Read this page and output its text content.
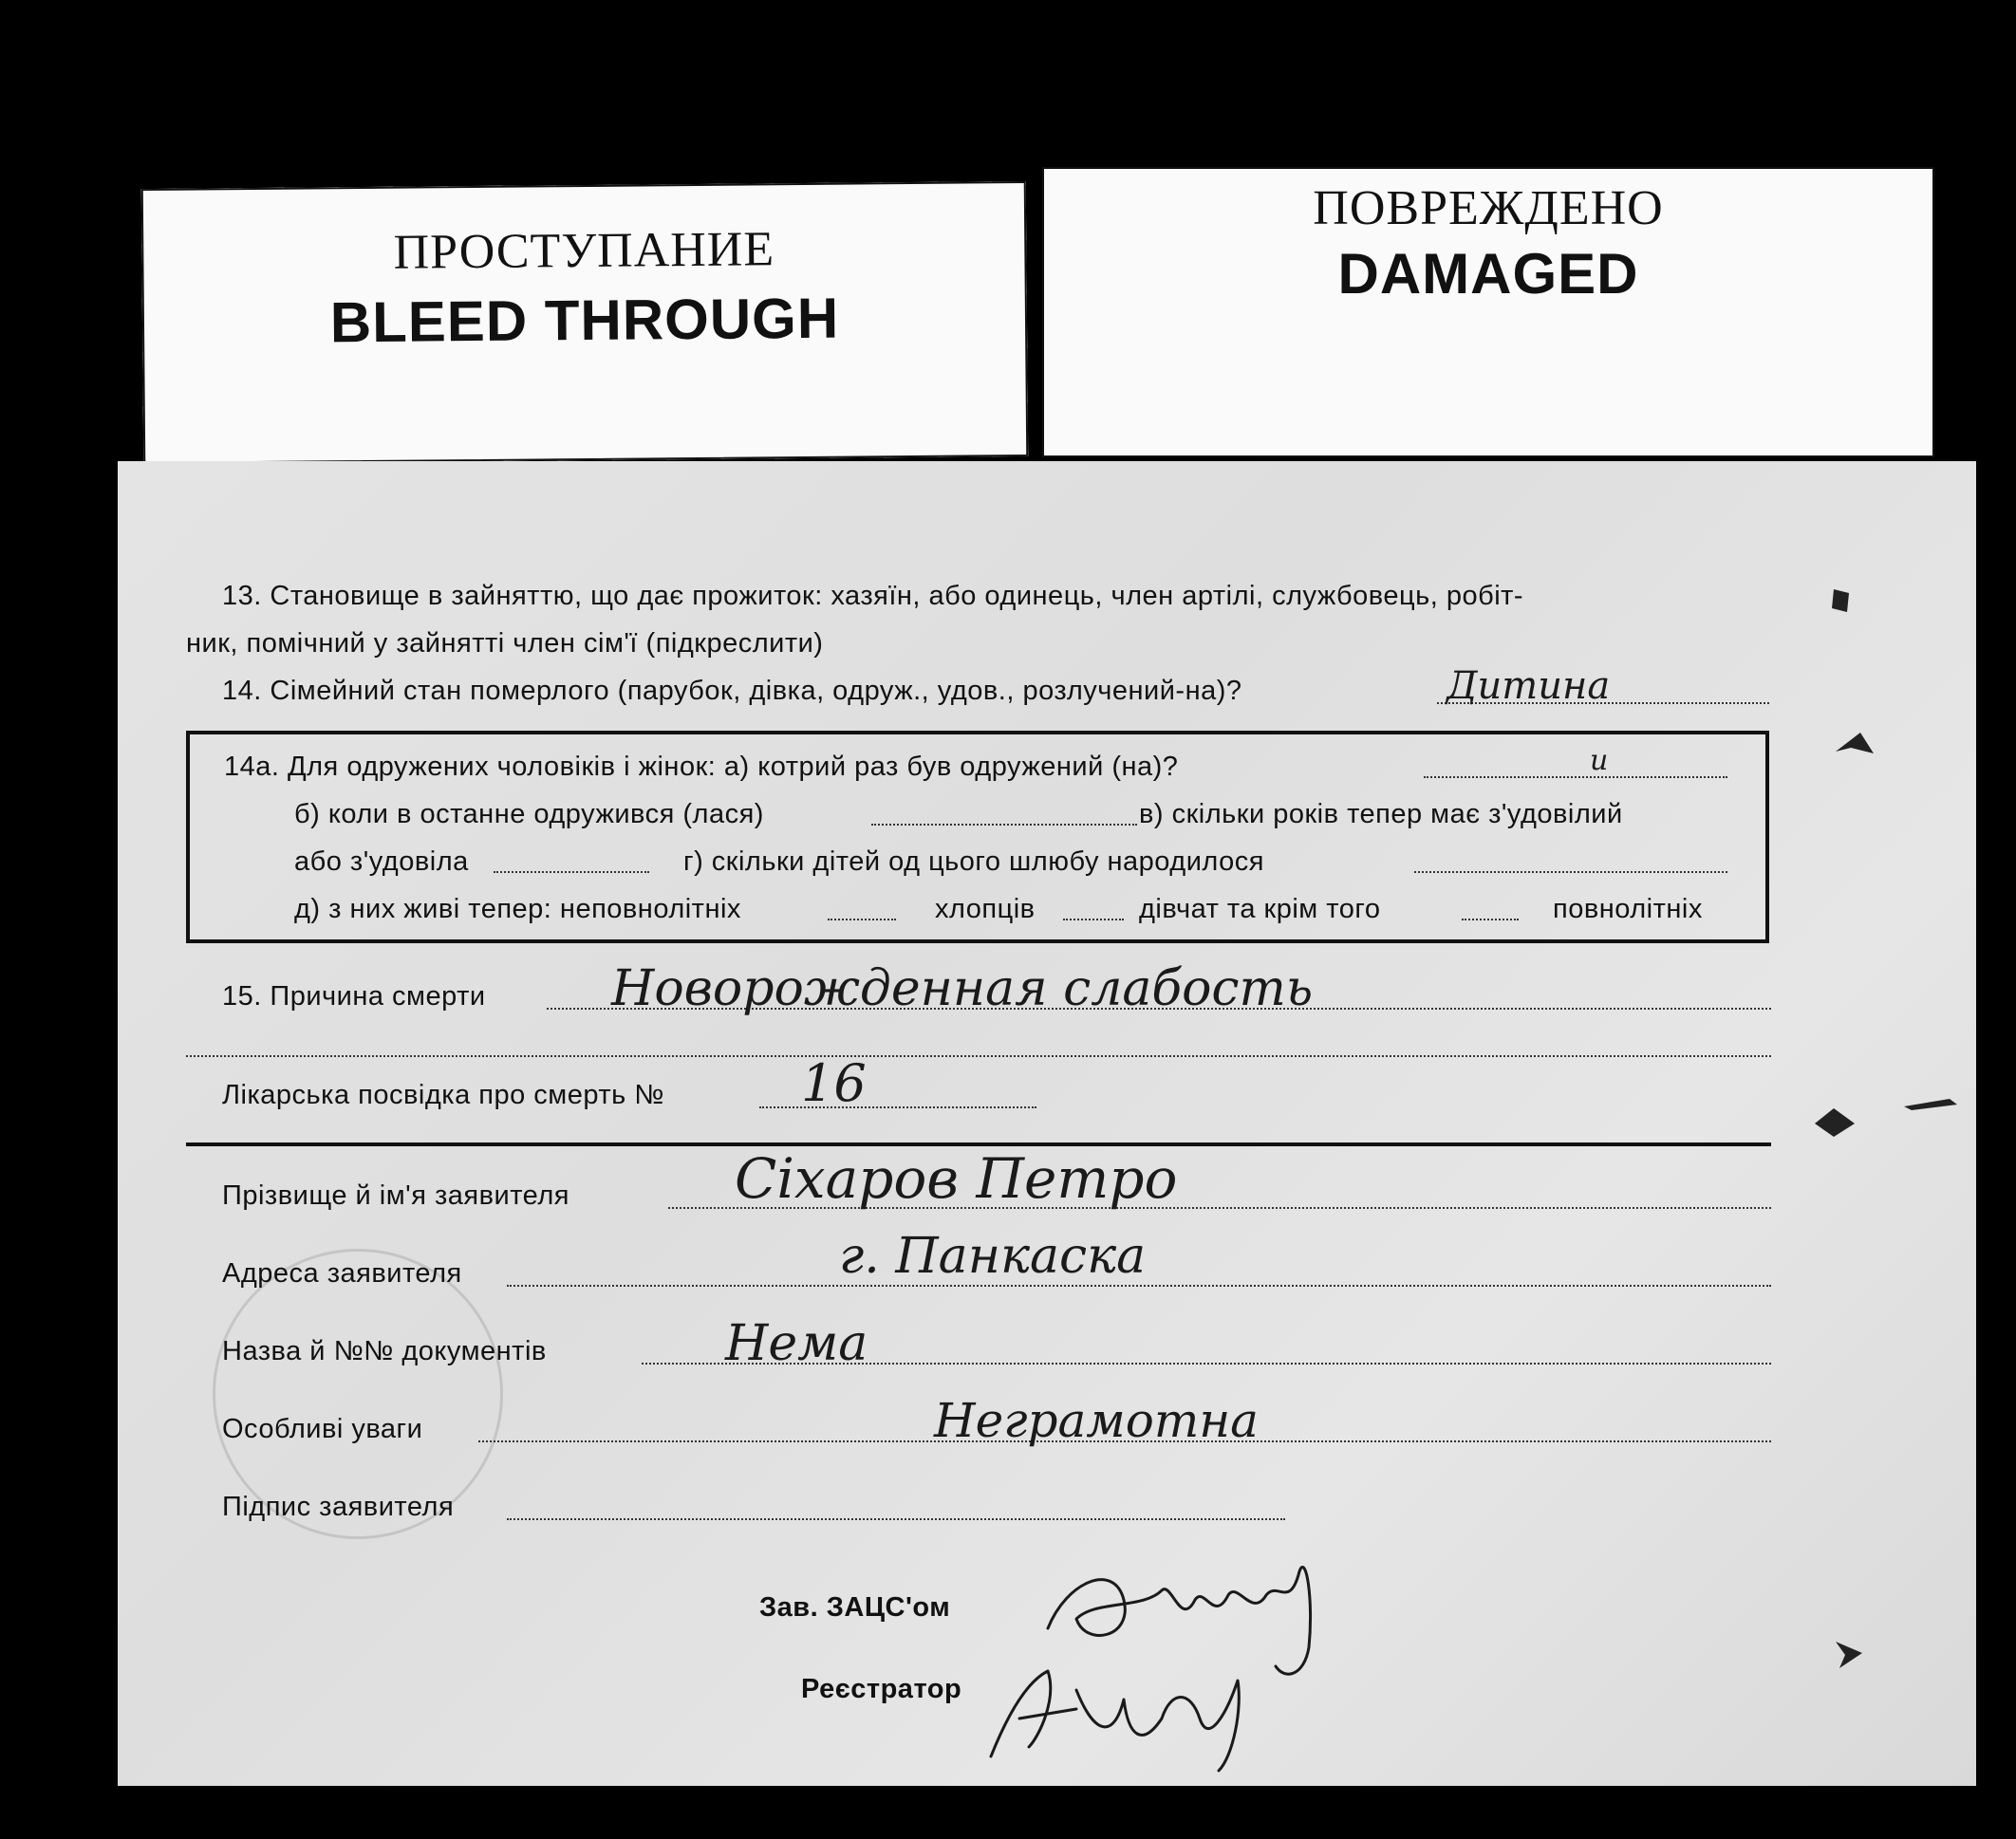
ПРОСТУПАНИЕ
BLEED THROUGH
ПОВРЕЖДЕНО
DAMAGED
13. Становище в зайняттю, що дає прожиток: хазяїн, або одинець, член артілі, службовець, робіт-
ник, помічний у зайнятті член сім'ї (підкреслити)
14. Сімейний стан померлого (парубок, дівка, одруж., удов., розлучений-на)?	Дитина
14а. Для одружених чоловіків і жінок: а) котрий раз був одружений (на)?	и
б) коли в останне одружився (лася)	в) скільки років тепер має з'удовілий
або з'удовіла	г) скільки дітей од цього шлюбу народилося
д) з них живі тепер: неповнолітніх	хлопців	дівчат та крім того	повнолітніх
15. Причина смерти	Новорожденная слабость
Лікарська посвідка про смерть №	16
Прізвище й ім'я заявителя	Сіхаров Петро
Адреса заявителя	г. Панкаска
Назва й №№ документів	Нема
Особливі уваги	Неграмотна
Підпис заявителя
Зав. ЗАЦС'ом
Реєстратор
